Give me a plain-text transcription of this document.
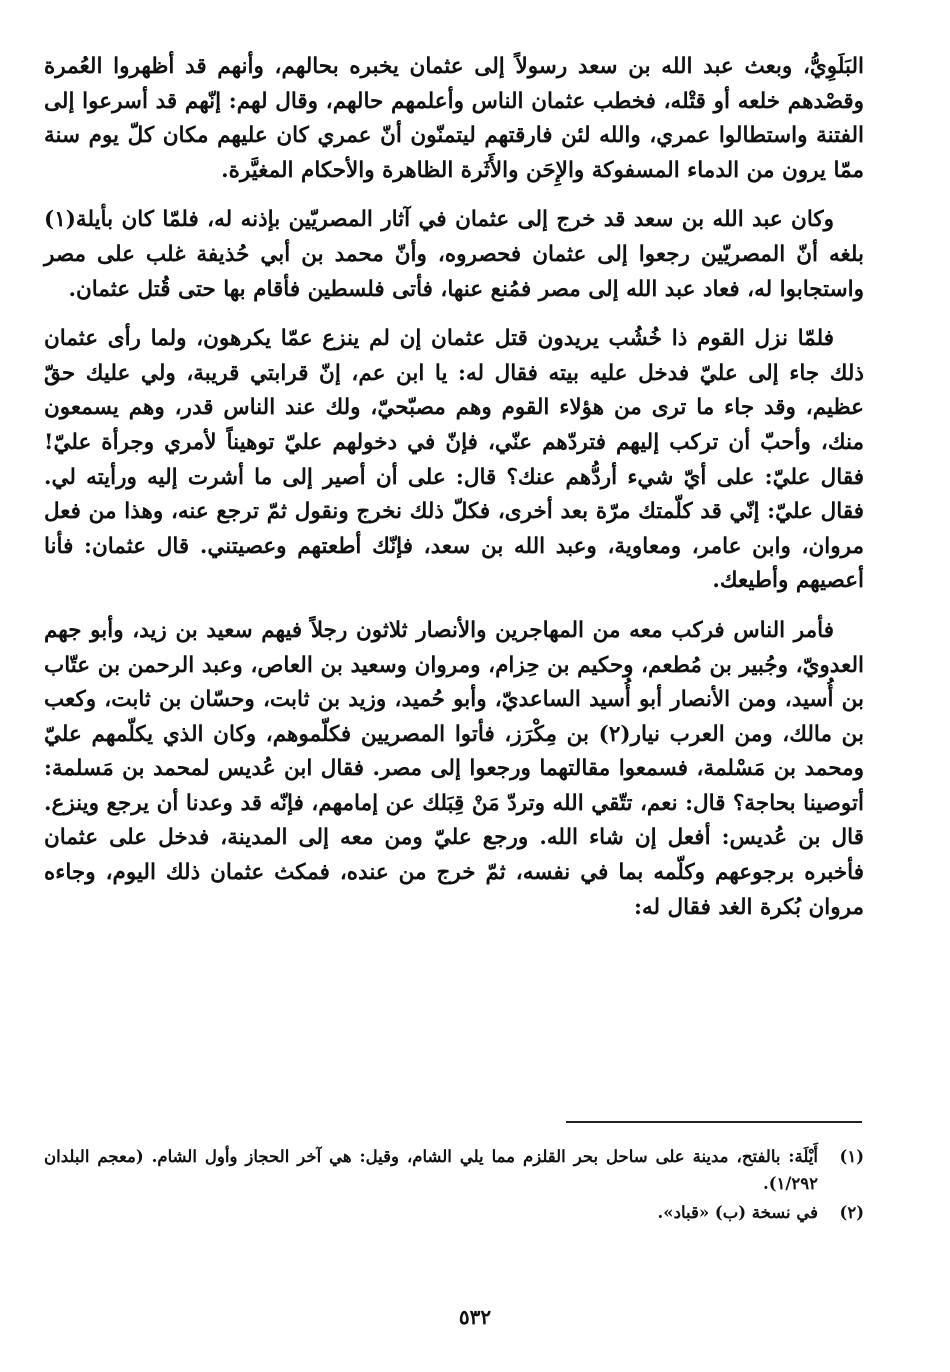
البَلَوِيُّ، وبعث عبد الله بن سعد رسولاً إلى عثمان يخبره بحالهم، وأنهم قد أظهروا العُمرة وقصْدهم خلعه أو قتْله، فخطب عثمان الناس وأعلمهم حالهم، وقال لهم: إنّهم قد أسرعوا إلى الفتنة واستطالوا عمري، والله لئن فارقتهم ليتمنّون أنّ عمري كان عليهم مكان كلّ يوم سنة ممّا يرون من الدماء المسفوكة والإِحَن والأَثَرة الظاهرة والأحكام المغيَّرة.

وكان عبد الله بن سعد قد خرج إلى عثمان في آثار المصريّين بإذنه له، فلمّا كان بأيلة(١) بلغه أنّ المصريّين رجعوا إلى عثمان فحصروه، وأنّ محمد بن أبي حُذيفة غلب على مصر واستجابوا له، فعاد عبد الله إلى مصر فمُنع عنها، فأتى فلسطين فأقام بها حتى قُتل عثمان.

فلمّا نزل القوم ذا خُشُب يريدون قتل عثمان إن لم ينزع عمّا يكرهون، ولما رأى عثمان ذلك جاء إلى عليّ فدخل عليه بيته فقال له: يا ابن عم، إنّ قرابتي قريبة، ولي عليك حقّ عظيم، وقد جاء ما ترى من هؤلاء القوم وهم مصبّحيّ، ولك عند الناس قدر، وهم يسمعون منك، وأحبّ أن تركب إليهم فتردّهم عنّي، فإنّ في دخولهم عليّ توهيناً لأمري وجرأة عليّ! فقال عليّ: على أيّ شيء أردُّهم عنك؟ قال: على أن أصير إلى ما أشرت إليه ورأيته لي. فقال عليّ: إنّي قد كلّمتك مرّة بعد أخرى، فكلّ ذلك نخرج ونقول ثمّ ترجع عنه، وهذا من فعل مروان، وابن عامر، ومعاوية، وعبد الله بن سعد، فإنّك أطعتهم وعصيتني. قال عثمان: فأنا أعصيهم وأطيعك.

فأمر الناس فركب معه من المهاجرين والأنصار ثلاثون رجلاً فيهم سعيد بن زيد، وأبو جهم العدويّ، وجُبير بن مُطعم، وحكيم بن حِزام، ومروان وسعيد بن العاص، وعبد الرحمن بن عتّاب بن أُسيد، ومن الأنصار أبو أُسيد الساعديّ، وأبو حُميد، وزيد بن ثابت، وحسّان بن ثابت، وكعب بن مالك، ومن العرب نيار(٢) بن مِكْرَز، فأتوا المصريين فكلّموهم، وكان الذي يكلّمهم عليّ ومحمد بن مَسْلمة، فسمعوا مقالتهما ورجعوا إلى مصر. فقال ابن عُديس لمحمد بن مَسلمة: أتوصينا بحاجة؟ قال: نعم، تتّقي الله وتردّ مَنْ قِبَلك عن إمامهم، فإنّه قد وعدنا أن يرجع وينزع. قال بن عُديس: أفعل إن شاء الله. ورجع عليّ ومن معه إلى المدينة، فدخل على عثمان فأخبره برجوعهم وكلّمه بما في نفسه، ثمّ خرج من عنده، فمكث عثمان ذلك اليوم، وجاءه مروان بُكرة الغد فقال له:

(١)
أَيْلَة: بالفتح، مدينة على ساحل بحر القلزم مما يلي الشام، وقيل: هي آخر الحجاز وأول الشام. (معجم البلدان ١/٢٩٢).
(٢)
في نسخة (ب) «قباد».
٥٣٢
